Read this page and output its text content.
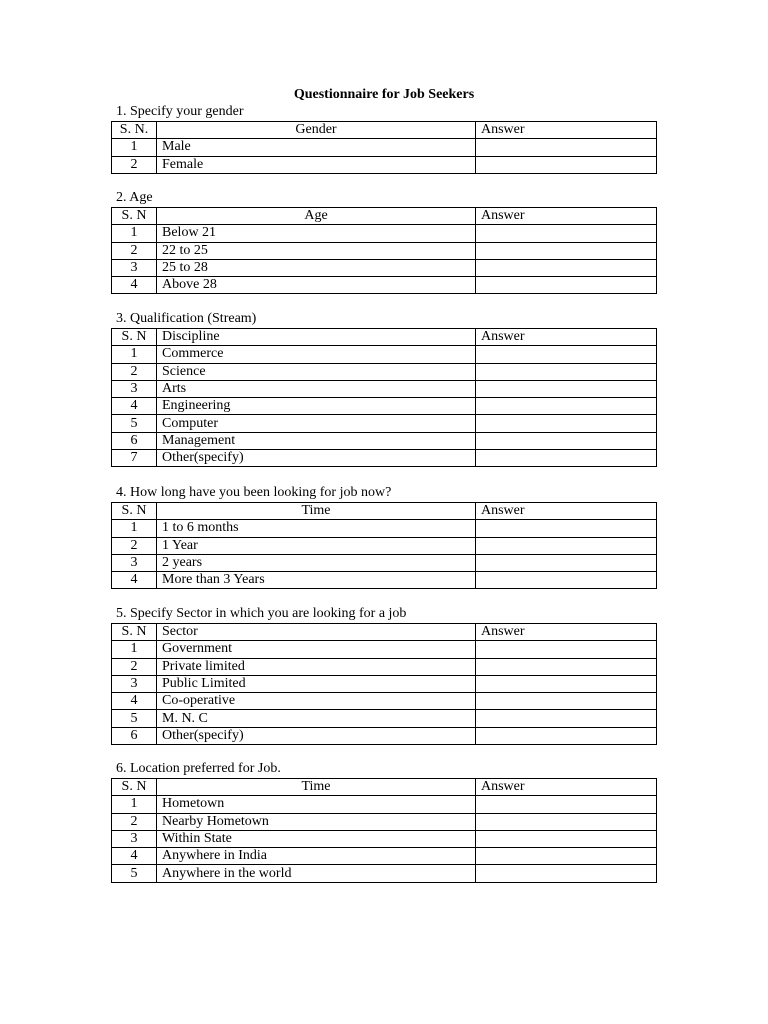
Questionnaire for Job Seekers
1. Specify your gender
S. N.	Gender	Answer
1	Male	
2	Female	
2. Age
S. N	Age	Answer
1	Below 21	
2	22 to 25	
3	25 to 28	
4	Above 28	
3. Qualification (Stream)
S. N	Discipline	Answer
1	Commerce	
2	Science	
3	Arts	
4	Engineering	
5	Computer	
6	Management	
7	Other(specify)	
4. How long have you been looking for job now?
S. N	Time	Answer
1	1 to 6 months	
2	1 Year	
3	2 years	
4	More than 3 Years	
5. Specify Sector in which you are looking for a job
S. N	Sector	Answer
1	Government	
2	Private limited	
3	Public Limited	
4	Co-operative	
5	M. N. C	
6	Other(specify)	
6. Location preferred for Job.
S. N	Time	Answer
1	Hometown	
2	Nearby Hometown	
3	Within State	
4	Anywhere in India	
5	Anywhere in the world	
